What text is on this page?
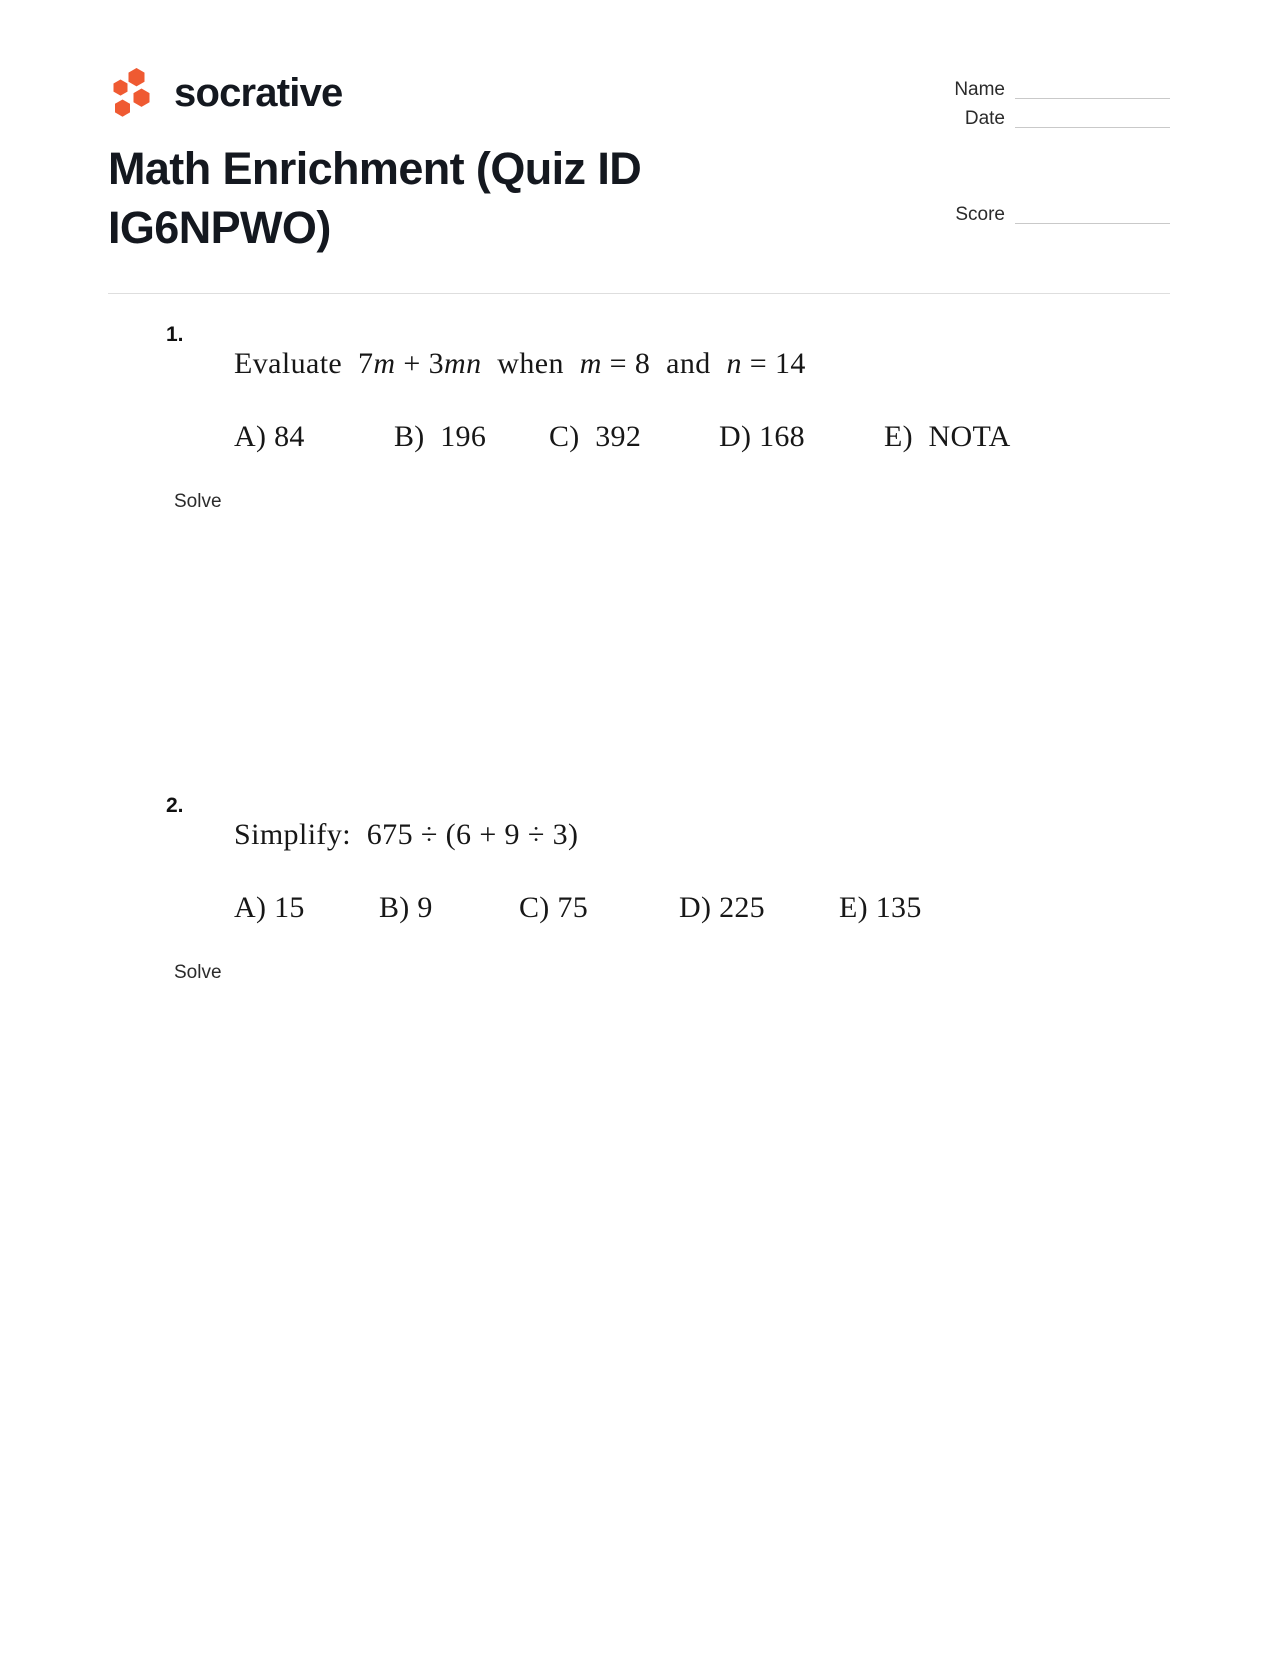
socrative	Name
Date
Score
Math Enrichment (Quiz ID IG6NPWO)
1.
Evaluate 7m + 3mn when m = 8 and n = 14
A) 84	B) 196	C) 392	D) 168	E) NOTA
Solve
2.
Simplify: 675 ÷ (6 + 9 ÷ 3)
A) 15	B) 9	C) 75	D) 225	E) 135
Solve
